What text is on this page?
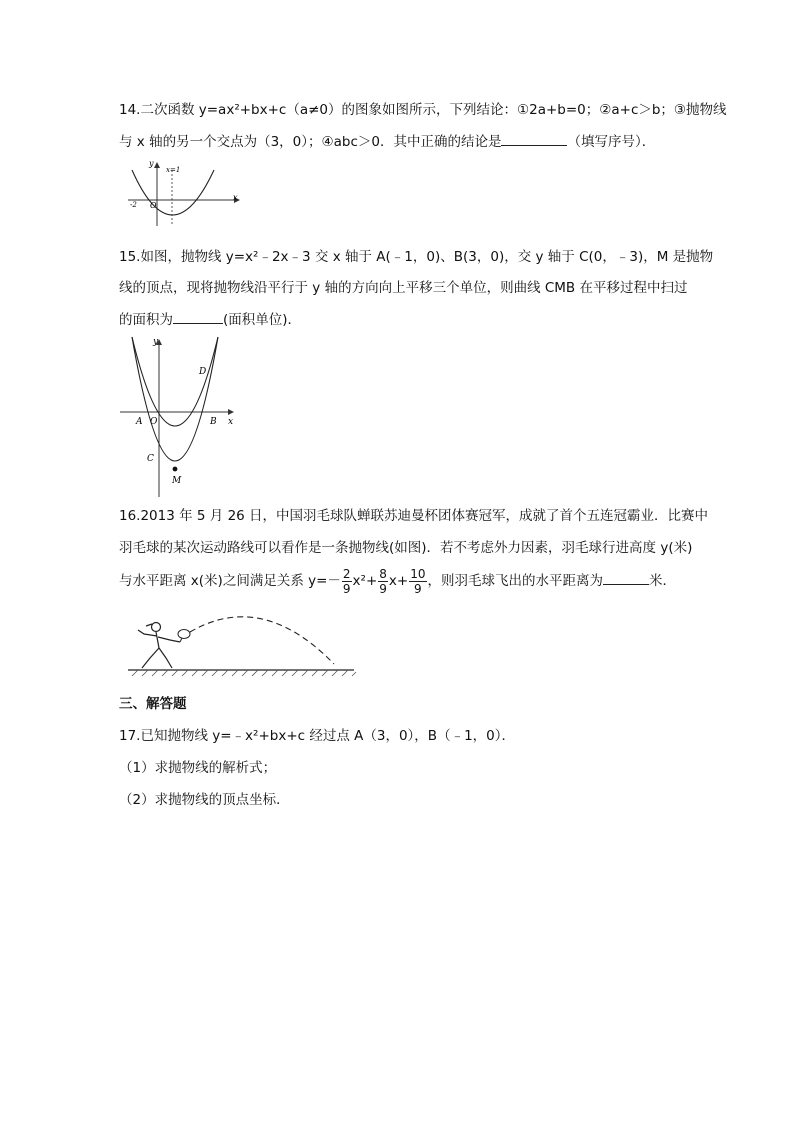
14.二次函数 y=ax²+bx+c（a≠0）的图象如图所示，下列结论：①2a+b=0；②a+c＞b；③抛物线
与 x 轴的另一个交点为（3，0）；④abc＞0．其中正确的结论是	（填写序号）．
x
y
x=1
-2 O
15.如图，抛物线 y=x²﹣2x﹣3 交 x 轴于 A(﹣1，0)、B(3，0)，交 y 轴于 C(0，﹣3)，M 是抛物
线的顶点，现将抛物线沿平行于 y 轴的方向向上平移三个单位，则曲线 CMB 在平移过程中扫过
的面积为	(面积单位)．
y
x
A O	B
C
D
M
16.2013 年 5 月 26 日，中国羽毛球队蝉联苏迪曼杯团体赛冠军，成就了首个五连冠霸业．比赛中
羽毛球的某次运动路线可以看作是一条抛物线(如图)．若不考虑外力因素，羽毛球行进高度 y(米)
与水平距离 x(米)之间满足关系 $y=- \frac{2}{9} x^2+ \frac{8}{9} x+ \frac{10}{9}$ ，则羽毛球飞出的水平距离为	米．
三、解答题
17.已知抛物线 y=﹣x²+bx+c 经过点 A（3，0），B（﹣1，0）．
（1）求抛物线的解析式；
（2）求抛物线的顶点坐标．
